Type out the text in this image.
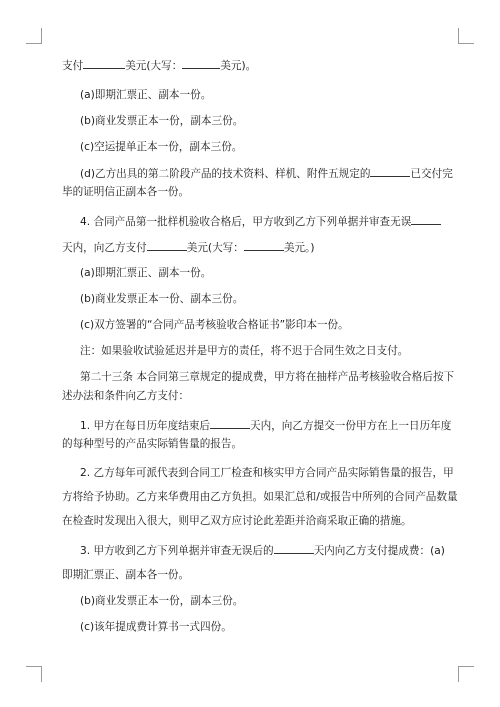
支付	美元(大写：	美元)。
(a)即期汇票正、副本一份。
(b)商业发票正本一份，副本三份。
(c)空运提单正本一份，副本三份。
(d)乙方出具的第二阶段产品的技术资料、样机、附件五规定的	已交付完
毕的证明信正副本各一份。
4. 合同产品第一批样机验收合格后，甲方收到乙方下列单据并审查无误
天内，向乙方支付	美元(大写：	美元。)
(a)即期汇票正、副本一份。
(b)商业发票正本一份、副本三份。
(c)双方签署的“合同产品考核验收合格证书”影印本一份。
注：如果验收试验延迟并是甲方的责任，将不迟于合同生效之日支付。
第二十三条 本合同第三章规定的提成费，甲方将在抽样产品考核验收合格后按下
述办法和条件向乙方支付：
1. 甲方在每日历年度结束后	天内，向乙方提交一份甲方在上一日历年度
的每种型号的产品实际销售量的报告。
2. 乙方每年可派代表到合同工厂检查和核实甲方合同产品实际销售量的报告，甲
方将给予协助。乙方来华费用由乙方负担。如果汇总和/或报告中所列的合同产品数量
在检查时发现出入很大，则甲乙双方应讨论此差距并洽商采取正确的措施。
3. 甲方收到乙方下列单据并审查无误后的	天内向乙方支付提成费：(a)
即期汇票正、副本各一份。
(b)商业发票正本一份，副本三份。
(c)该年提成费计算书一式四份。
